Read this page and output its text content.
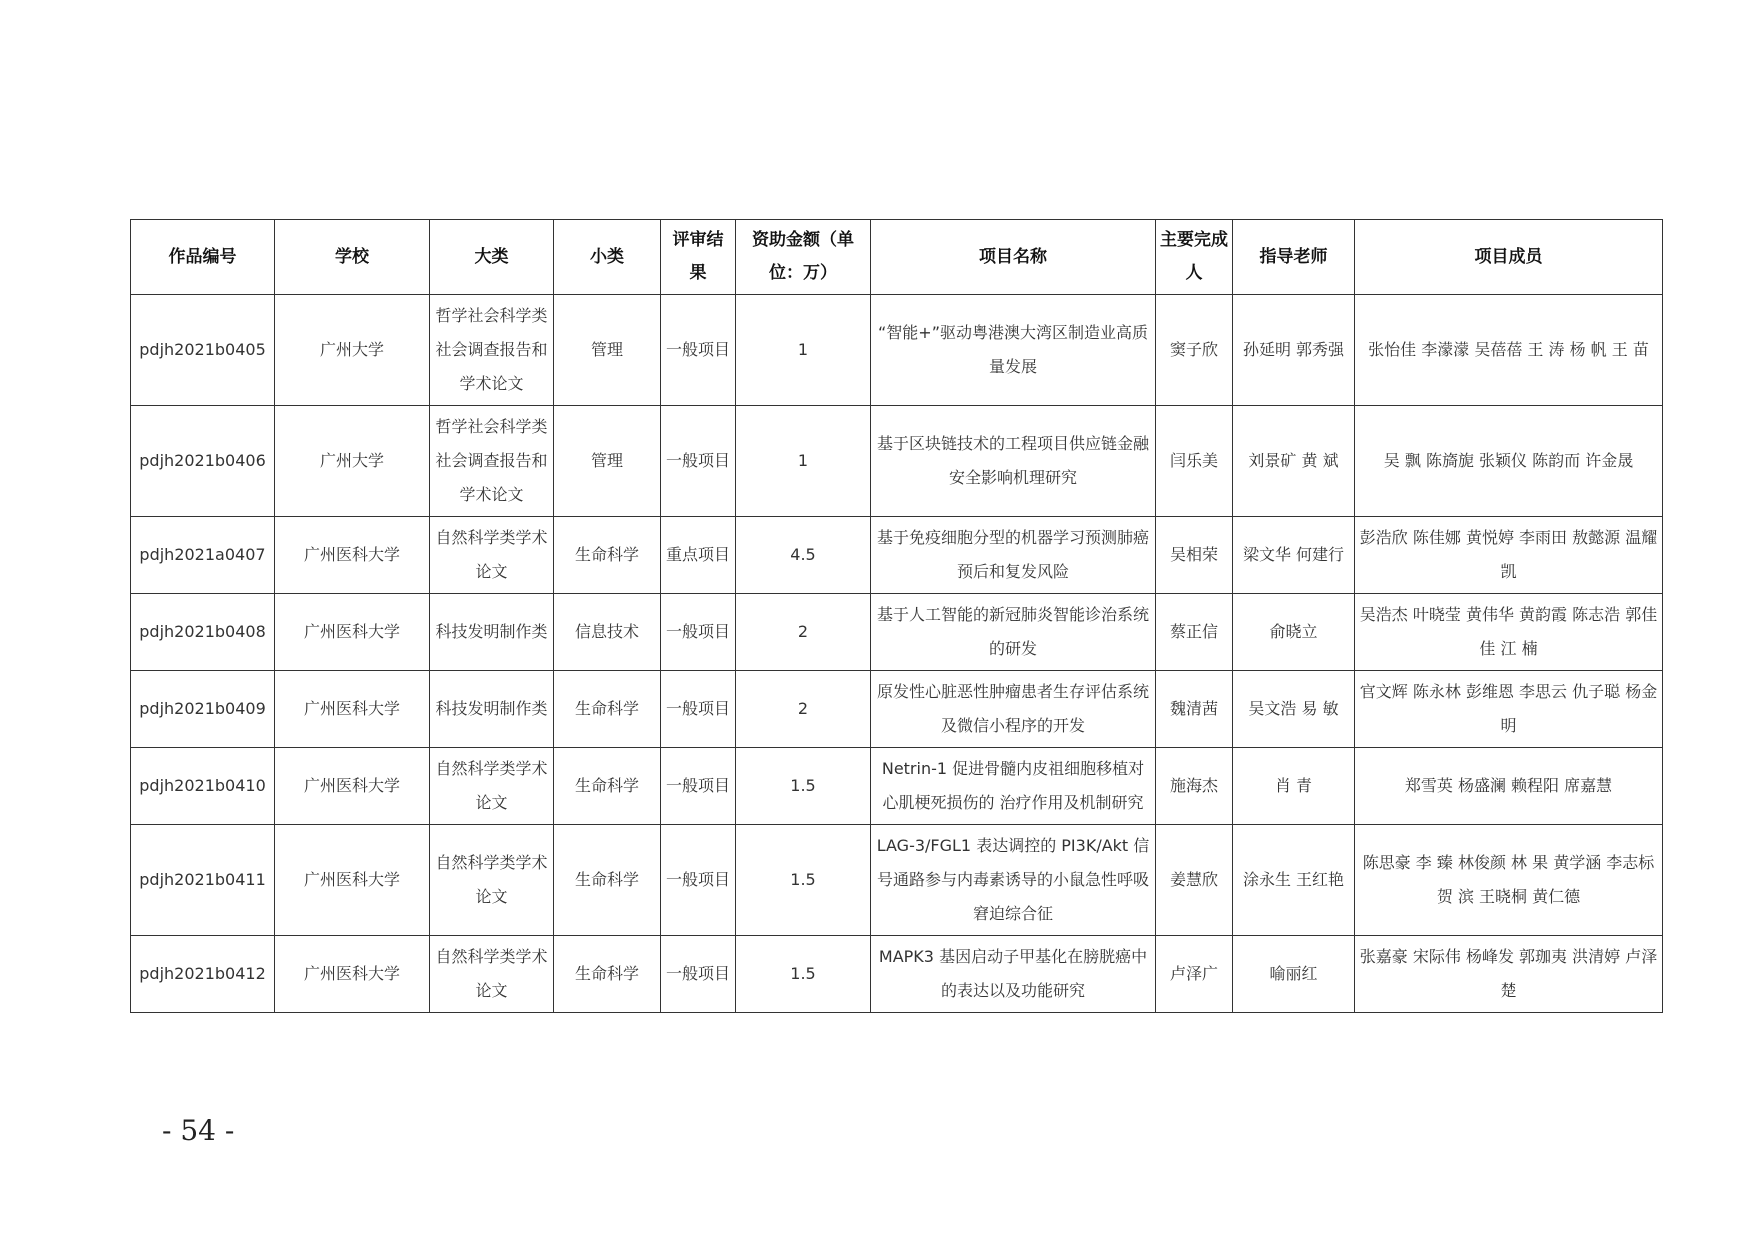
作品编号	学校	大类	小类	评审结果	资助金额（单位：万）	项目名称	主要完成人	指导老师	项目成员
pdjh2021b0405	广州大学	哲学社会科学类社会调查报告和学术论文	管理	一般项目	1	“智能+”驱动粤港澳大湾区制造业高质量发展	窦子欣	孙延明 郭秀强	张怡佳 李濛濛 吴蓓蓓 王 涛 杨 帆 王 苗
pdjh2021b0406	广州大学	哲学社会科学类社会调查报告和学术论文	管理	一般项目	1	基于区块链技术的工程项目供应链金融安全影响机理研究	闫乐美	刘景矿 黄 斌	吴 飘 陈旖旎 张颖仪 陈韵而 许金晟
pdjh2021a0407	广州医科大学	自然科学类学术论文	生命科学	重点项目	4.5	基于免疫细胞分型的机器学习预测肺癌预后和复发风险	吴相荣	梁文华 何建行	彭浩欣 陈佳娜 黄悦婷 李雨田 敖懿源 温耀凯
pdjh2021b0408	广州医科大学	科技发明制作类	信息技术	一般项目	2	基于人工智能的新冠肺炎智能诊治系统的研发	蔡正信	俞晓立	吴浩杰 叶晓莹 黄伟华 黄韵霞 陈志浩 郭佳佳 江 楠
pdjh2021b0409	广州医科大学	科技发明制作类	生命科学	一般项目	2	原发性心脏恶性肿瘤患者生存评估系统及微信小程序的开发	魏清茜	吴文浩 易 敏	官文辉 陈永林 彭维恩 李思云 仇子聪 杨金明
pdjh2021b0410	广州医科大学	自然科学类学术论文	生命科学	一般项目	1.5	Netrin-1 促进骨髓内皮祖细胞移植对心肌梗死损伤的 治疗作用及机制研究	施海杰	肖 青	郑雪英 杨盛澜 赖程阳 席嘉慧
pdjh2021b0411	广州医科大学	自然科学类学术论文	生命科学	一般项目	1.5	LAG-3/FGL1 表达调控的 PI3K/Akt 信号通路参与内毒素诱导的小鼠急性呼吸窘迫综合征	姜慧欣	涂永生 王红艳	陈思豪 李 臻 林俊颜 林 果 黄学涵 李志标 贺 滨 王晓桐 黄仁德
pdjh2021b0412	广州医科大学	自然科学类学术论文	生命科学	一般项目	1.5	MAPK3 基因启动子甲基化在膀胱癌中的表达以及功能研究	卢泽广	喻丽红	张嘉豪 宋际伟 杨峰发 郭珈夷 洪清婷 卢泽楚
- 54 -
